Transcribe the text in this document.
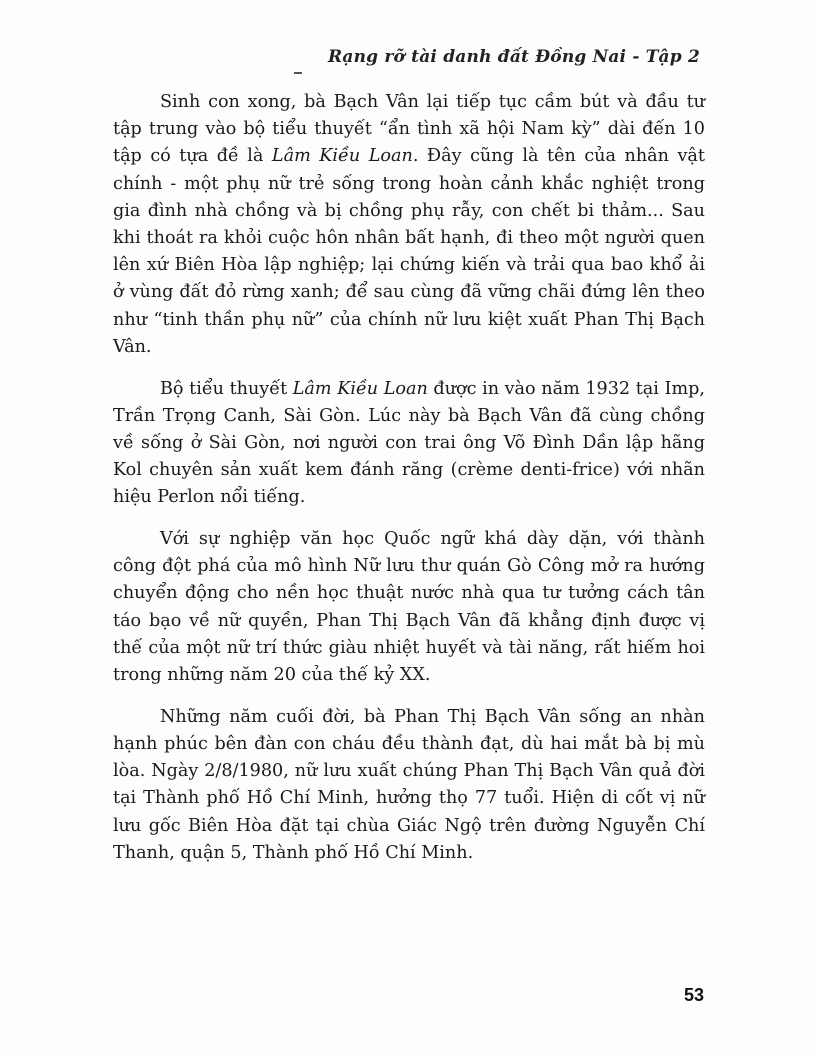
Rạng rỡ tài danh đất Đồng Nai - Tập 2

Sinh con xong, bà Bạch Vân lại tiếp tục cầm bút và đầu tư tập trung vào bộ tiểu thuyết “ẩn tình xã hội Nam kỳ” dài đến 10 tập có tựa đề là Lâm Kiều Loan. Đây cũng là tên của nhân vật chính - một phụ nữ trẻ sống trong hoàn cảnh khắc nghiệt trong gia đình nhà chồng và bị chồng phụ rẫy, con chết bi thảm... Sau khi thoát ra khỏi cuộc hôn nhân bất hạnh, đi theo một người quen lên xứ Biên Hòa lập nghiệp; lại chứng kiến và trải qua bao khổ ải ở vùng đất đỏ rừng xanh; để sau cùng đã vững chãi đứng lên theo như “tinh thần phụ nữ” của chính nữ lưu kiệt xuất Phan Thị Bạch Vân.

Bộ tiểu thuyết Lâm Kiều Loan được in vào năm 1932 tại Imp, Trần Trọng Canh, Sài Gòn. Lúc này bà Bạch Vân đã cùng chồng về sống ở Sài Gòn, nơi người con trai ông Võ Đình Dần lập hãng Kol chuyên sản xuất kem đánh răng (crème denti-frice) với nhãn hiệu Perlon nổi tiếng.

Với sự nghiệp văn học Quốc ngữ khá dày dặn, với thành công đột phá của mô hình Nữ lưu thư quán Gò Công mở ra hướng chuyển động cho nền học thuật nước nhà qua tư tưởng cách tân táo bạo về nữ quyền, Phan Thị Bạch Vân đã khẳng định được vị thế của một nữ trí thức giàu nhiệt huyết và tài năng, rất hiếm hoi trong những năm 20 của thế kỷ XX.

Những năm cuối đời, bà Phan Thị Bạch Vân sống an nhàn hạnh phúc bên đàn con cháu đều thành đạt, dù hai mắt bà bị mù lòa. Ngày 2/8/1980, nữ lưu xuất chúng Phan Thị Bạch Vân quả đời tại Thành phố Hồ Chí Minh, hưởng thọ 77 tuổi. Hiện di cốt vị nữ lưu gốc Biên Hòa đặt tại chùa Giác Ngộ trên đường Nguyễn Chí Thanh, quận 5, Thành phố Hồ Chí Minh.

53
